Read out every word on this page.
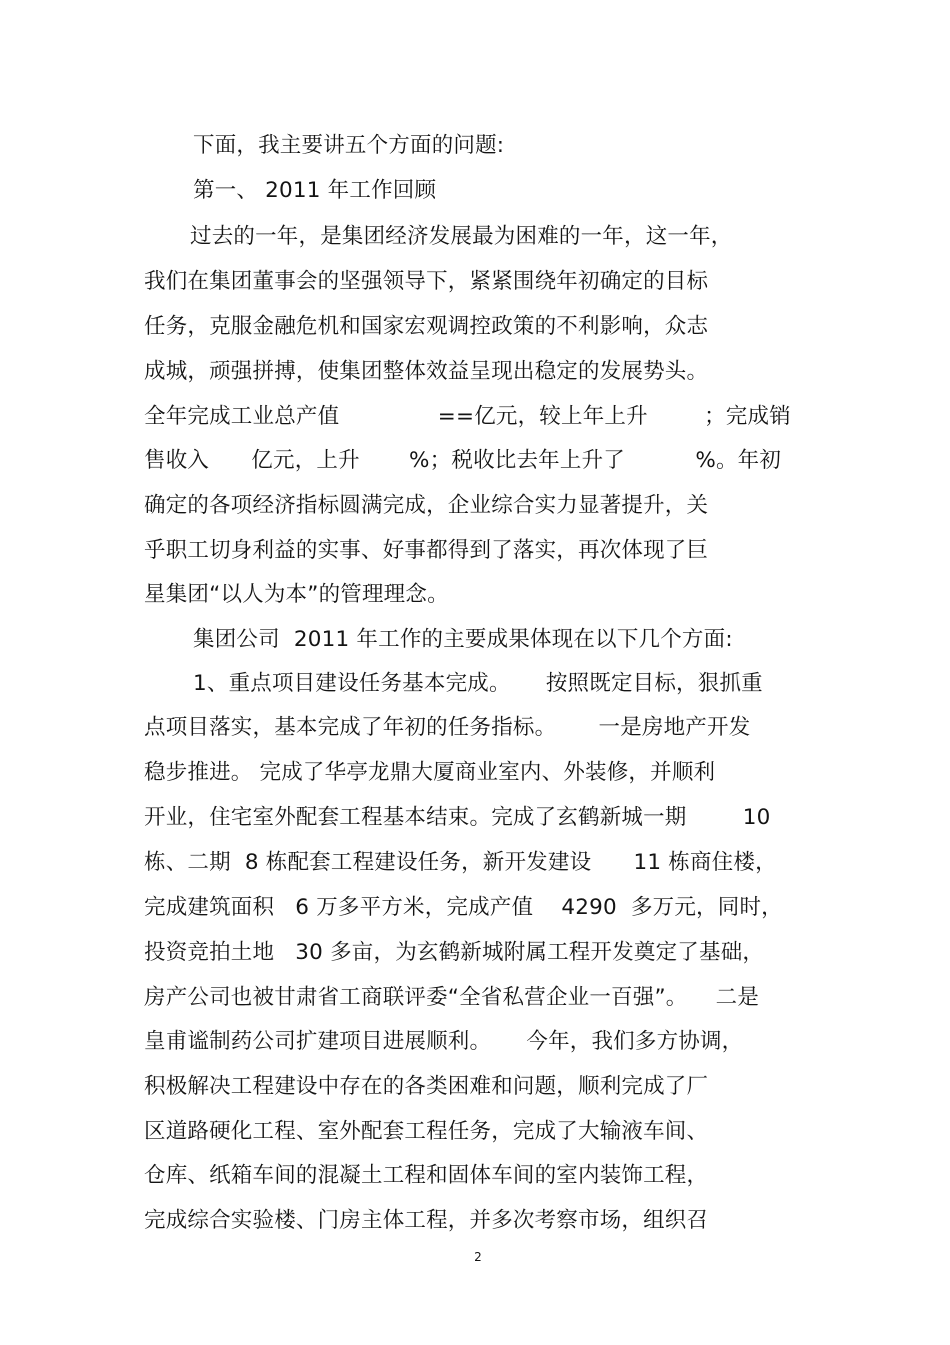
下面，我主要讲五个方面的问题:
第一、 2011 年工作回顾
过去的一年，是集团经济发展最为困难的一年，这一年，
我们在集团董事会的坚强领导下，紧紧围绕年初确定的目标
任务，克服金融危机和国家宏观调控政策的不利影响，众志
成城，顽强拼搏，使集团整体效益呈现出稳定的发展势头。
全年完成工业总产值              ==亿元，较上年上升        ；完成销
售收入      亿元，上升       %；税收比去年上升了          %。年初
确定的各项经济指标圆满完成，企业综合实力显著提升，关
乎职工切身利益的实事、好事都得到了落实，再次体现了巨
星集团“以人为本”的管理理念。
集团公司  2011 年工作的主要成果体现在以下几个方面:
1、重点项目建设任务基本完成。     按照既定目标，狠抓重
点项目落实，基本完成了年初的任务指标。      一是房地产开发
稳步推进。 完成了华亭龙鼎大厦商业室内、外装修，并顺利
开业，住宅室外配套工程基本结束。完成了玄鹤新城一期        10
栋、二期  8 栋配套工程建设任务，新开发建设      11 栋商住楼，
完成建筑面积   6 万多平方米，完成产值    4290  多万元，同时，
投资竞拍土地   30 多亩，为玄鹤新城附属工程开发奠定了基础，
房产公司也被甘肃省工商联评委“全省私营企业一百强”。    二是
皇甫谧制药公司扩建项目进展顺利。     今年，我们多方协调，
积极解决工程建设中存在的各类困难和问题，顺利完成了厂
区道路硬化工程、室外配套工程任务，完成了大输液车间、
仓库、纸箱车间的混凝土工程和固体车间的室内装饰工程，
完成综合实验楼、门房主体工程，并多次考察市场，组织召
2
